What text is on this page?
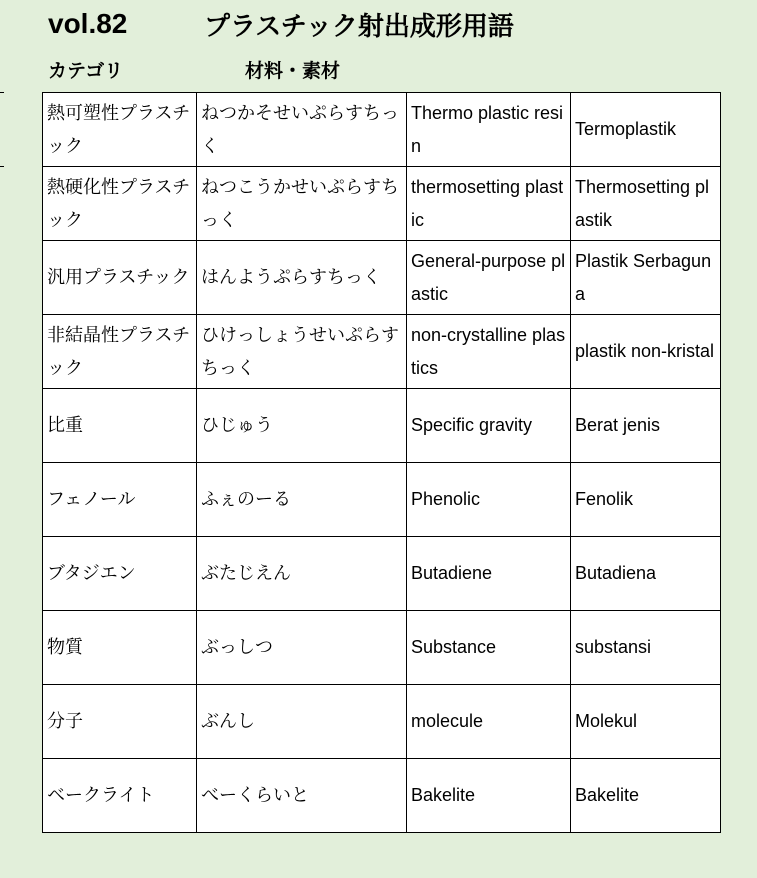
vol.82	プラスチック射出成形用語
カテゴリ	材料・素材
熱可塑性プラスチック	ねつかそせいぷらすちっく	Thermo plastic resin	Termoplastik
熱硬化性プラスチック	ねつこうかせいぷらすちっく	thermosetting plastic	Thermosetting plastik
汎用プラスチック	はんようぷらすちっく	General-purpose plastic	Plastik Serbaguna
非結晶性プラスチック	ひけっしょうせいぷらすちっく	non-crystalline plastics	plastik non-kristal
比重	ひじゅう	Specific gravity	Berat jenis
フェノール	ふぇのーる	Phenolic	Fenolik
ブタジエン	ぶたじえん	Butadiene	Butadiena
物質	ぶっしつ	Substance	substansi
分子	ぶんし	molecule	Molekul
ベークライト	べーくらいと	Bakelite	Bakelite
